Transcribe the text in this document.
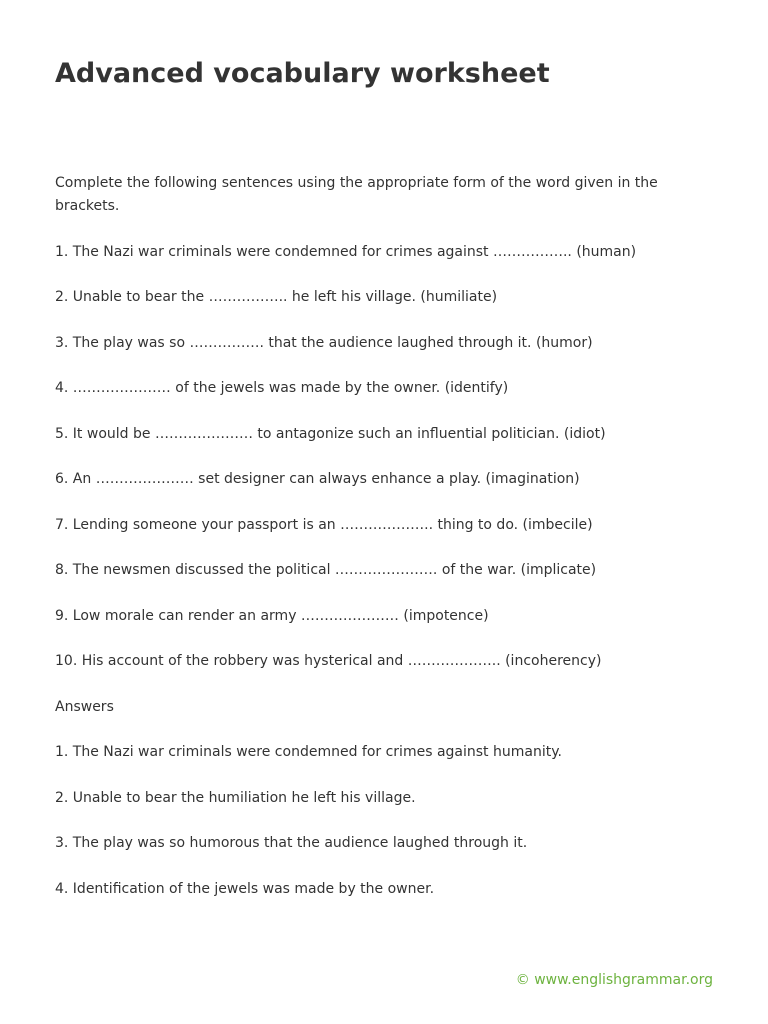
Advanced vocabulary worksheet

Complete the following sentences using the appropriate form of the word given in the brackets.

1. The Nazi war criminals were condemned for crimes against …………….. (human)

2. Unable to bear the …………….. he left his village. (humiliate)

3. The play was so ……………. that the audience laughed through it. (humor)

4. ………………… of the jewels was made by the owner. (identify)

5. It would be ………………… to antagonize such an influential politician. (idiot)

6. An ………………… set designer can always enhance a play. (imagination)

7. Lending someone your passport is an ……………….. thing to do. (imbecile)

8. The newsmen discussed the political …………………. of the war. (implicate)

9. Low morale can render an army ………………… (impotence)

10. His account of the robbery was hysterical and ……………….. (incoherency)

Answers

1. The Nazi war criminals were condemned for crimes against humanity.

2. Unable to bear the humiliation he left his village.

3. The play was so humorous that the audience laughed through it.

4. Identification of the jewels was made by the owner.

© www.englishgrammar.org
